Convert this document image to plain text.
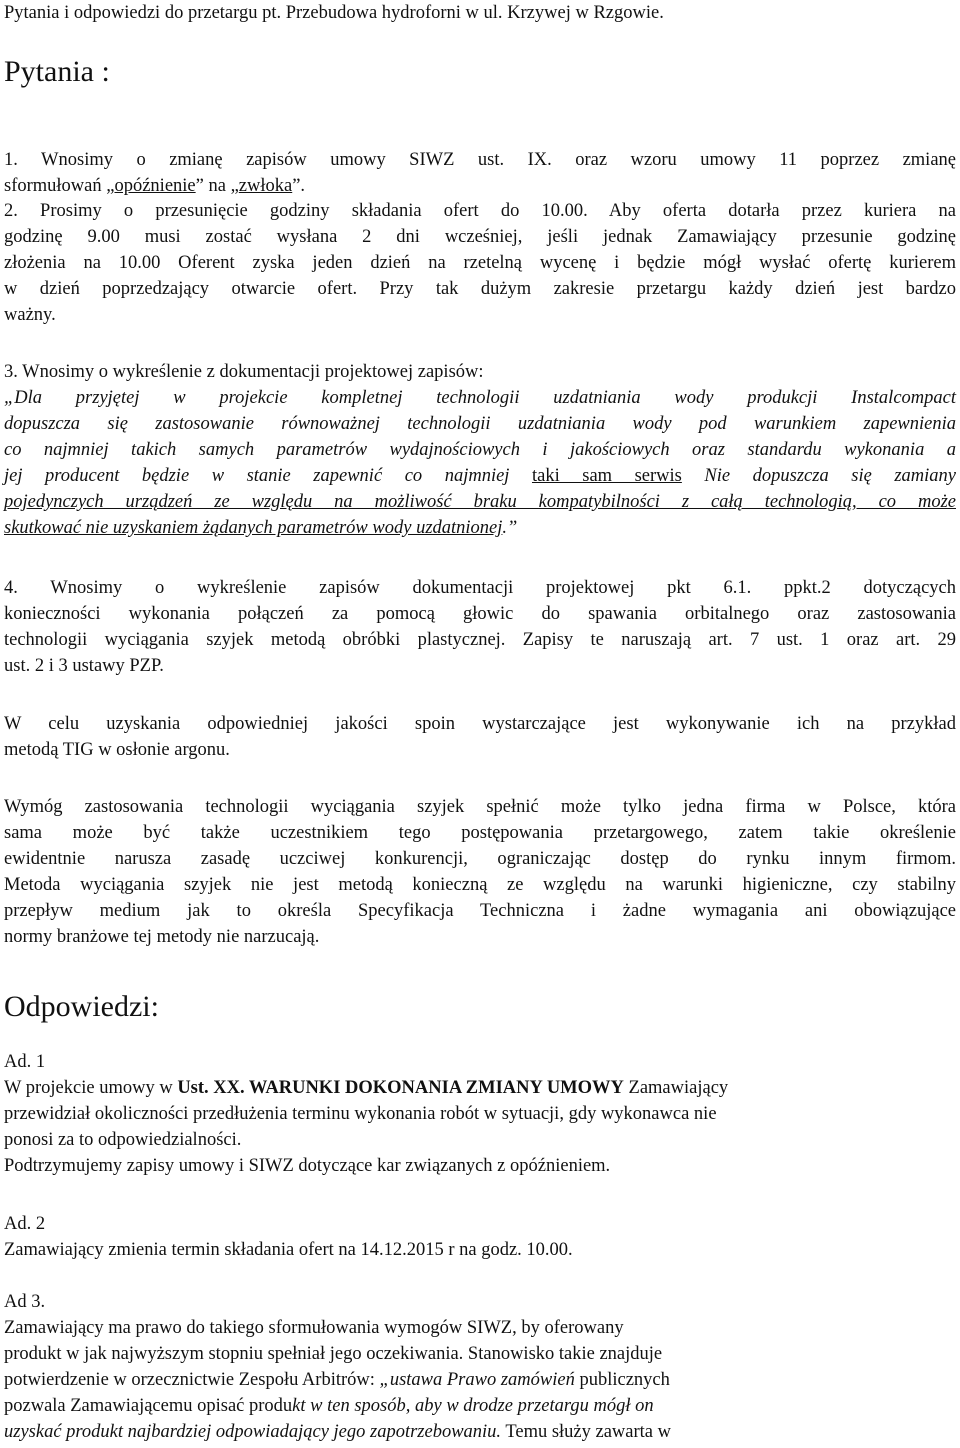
Pytania i odpowiedzi do przetargu pt. Przebudowa hydroforni w ul. Krzywej w Rzgowie.
Pytania :
1. Wnosimy o zmianę zapisów umowy SIWZ ust. IX. oraz wzoru umowy 11 poprzez zmianę
sformułowań „opóźnienie” na „zwłoka”.
2. Prosimy o przesunięcie godziny składania ofert do 10.00. Aby oferta dotarła przez kuriera na
godzinę 9.00 musi zostać wysłana 2 dni wcześniej, jeśli jednak Zamawiający przesunie godzinę
złożenia na 10.00 Oferent zyska jeden dzień na rzetelną wycenę i będzie mógł wysłać ofertę kurierem
w dzień poprzedzający otwarcie ofert. Przy tak dużym zakresie przetargu każdy dzień jest bardzo
ważny.
3. Wnosimy o wykreślenie z dokumentacji projektowej zapisów:
„Dla przyjętej w projekcie kompletnej technologii uzdatniania wody produkcji Instalcompact
dopuszcza się zastosowanie równoważnej technologii uzdatniania wody pod warunkiem zapewnienia
co najmniej takich samych parametrów wydajnościowych i jakościowych oraz standardu wykonania a
jej producent będzie w stanie zapewnić co najmniej taki sam serwis Nie dopuszcza się zamiany
pojedynczych urządzeń ze względu na możliwość braku kompatybilności z całą technologią, co może
skutkować nie uzyskaniem żądanych parametrów wody uzdatnionej.”
4. Wnosimy o wykreślenie zapisów dokumentacji projektowej pkt 6.1. ppkt.2 dotyczących
konieczności wykonania połączeń za pomocą głowic do spawania orbitalnego oraz zastosowania
technologii wyciągania szyjek metodą obróbki plastycznej. Zapisy te naruszają art. 7 ust. 1 oraz art. 29
ust. 2 i 3 ustawy PZP.
W celu uzyskania odpowiedniej jakości spoin wystarczające jest wykonywanie ich na przykład
metodą TIG w osłonie argonu.
Wymóg zastosowania technologii wyciągania szyjek spełnić może tylko jedna firma w Polsce, która
sama może być także uczestnikiem tego postępowania przetargowego, zatem takie określenie
ewidentnie narusza zasadę uczciwej konkurencji, ograniczając dostęp do rynku innym firmom.
Metoda wyciągania szyjek nie jest metodą konieczną ze względu na warunki higieniczne, czy stabilny
przepływ medium jak to określa Specyfikacja Techniczna i żadne wymagania ani obowiązujące
normy branżowe tej metody nie narzucają.
Odpowiedzi:
Ad. 1
W projekcie umowy w Ust. XX. WARUNKI DOKONANIA ZMIANY UMOWY Zamawiający
przewidział okoliczności przedłużenia terminu wykonania robót w sytuacji, gdy wykonawca nie
ponosi za to odpowiedzialności.
Podtrzymujemy zapisy umowy i SIWZ dotyczące kar związanych z opóźnieniem.
Ad. 2
Zamawiający zmienia termin składania ofert na 14.12.2015 r na godz. 10.00.
Ad 3.
Zamawiający ma prawo do takiego sformułowania wymogów SIWZ, by oferowany
produkt w jak najwyższym stopniu spełniał jego oczekiwania. Stanowisko takie znajduje
potwierdzenie w orzecznictwie Zespołu Arbitrów: „ustawa Prawo zamówień publicznych
pozwala Zamawiającemu opisać produkt w ten sposób, aby w drodze przetargu mógł on
uzyskać produkt najbardziej odpowiadający jego zapotrzebowaniu. Temu służy zawarta w
